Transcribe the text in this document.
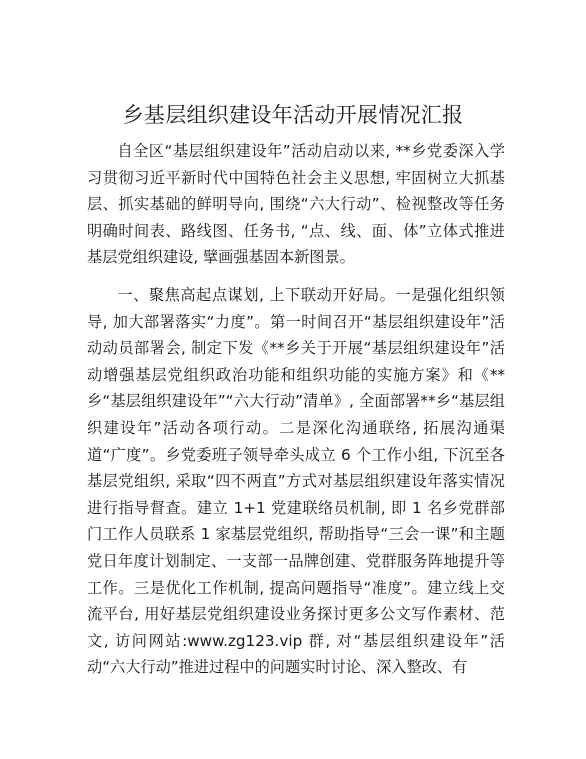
乡基层组织建设年活动开展情况汇报

自全区“基层组织建设年”活动启动以来, **乡党委深入学习贯彻习近平新时代中国特色社会主义思想, 牢固树立大抓基层、抓实基础的鲜明导向, 围绕“六大行动”、检视整改等任务明确时间表、路线图、任务书, “点、线、面、体”立体式推进基层党组织建设, 擘画强基固本新图景。

一、聚焦高起点谋划, 上下联动开好局。一是强化组织领导, 加大部署落实“力度”。第一时间召开“基层组织建设年”活动动员部署会, 制定下发《**乡关于开展“基层组织建设年”活动增强基层党组织政治功能和组织功能的实施方案》和《**乡“基层组织建设年”“六大行动”清单》, 全面部署**乡“基层组织建设年”活动各项行动。二是深化沟通联络, 拓展沟通渠道“广度”。乡党委班子领导牵头成立 6 个工作小组, 下沉至各基层党组织, 采取“四不两直”方式对基层组织建设年落实情况进行指导督查。建立 1+1 党建联络员机制, 即 1 名乡党群部门工作人员联系 1 家基层党组织, 帮助指导“三会一课”和主题党日年度计划制定、一支部一品牌创建、党群服务阵地提升等工作。三是优化工作机制, 提高问题指导“准度”。建立线上交流平台, 用好基层党组织建设业务探讨更多公文写作素材、范文, 访问网站:www.zg123.vip 群, 对“基层组织建设年”活动“六大行动”推进过程中的问题实时讨论、深入整改、有
